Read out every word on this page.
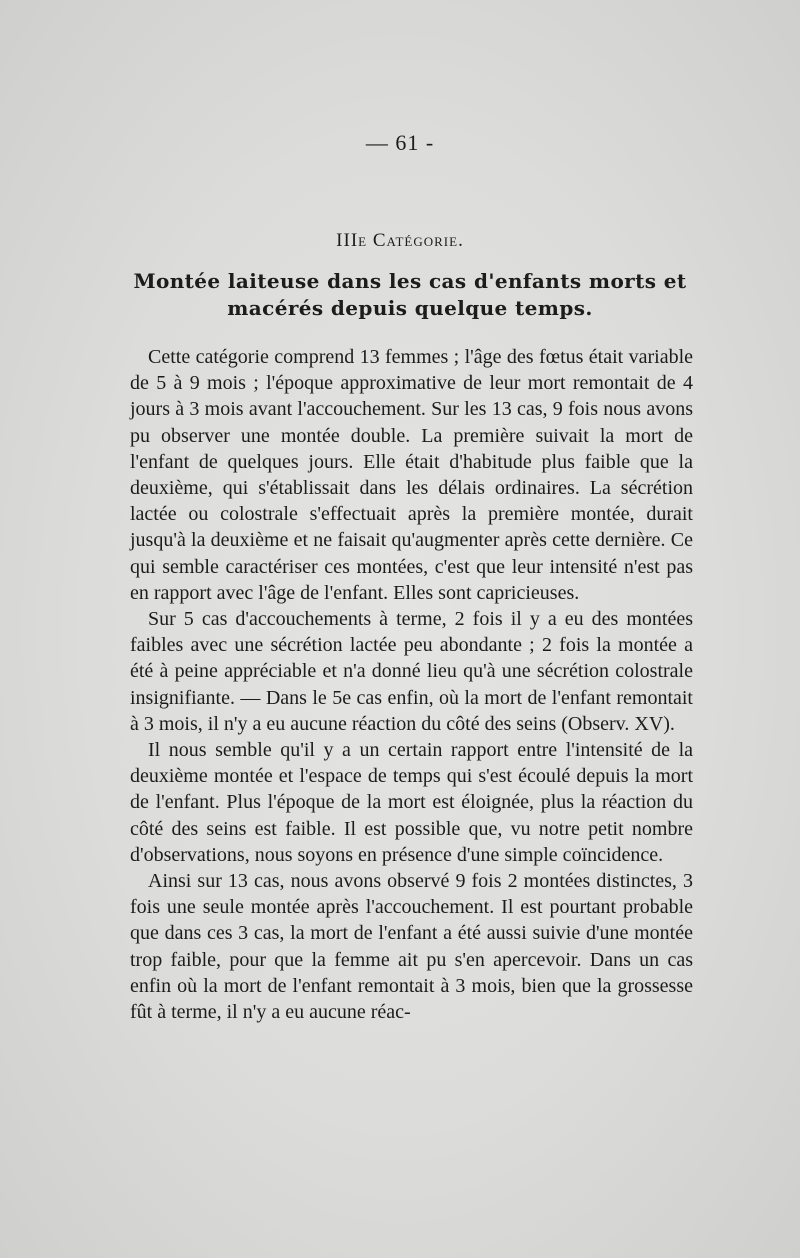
— 61 -
IIIe Catégorie.
Montée laiteuse dans les cas d'enfants morts et macérés depuis quelque temps.

Cette catégorie comprend 13 femmes ; l'âge des fœtus était variable de 5 à 9 mois ; l'époque approximative de leur mort remontait de 4 jours à 3 mois avant l'accouchement. Sur les 13 cas, 9 fois nous avons pu observer une montée double. La première suivait la mort de l'enfant de quelques jours. Elle était d'habitude plus faible que la deuxième, qui s'établissait dans les délais ordinaires. La sécrétion lactée ou colostrale s'effectuait après la première montée, durait jusqu'à la deuxième et ne faisait qu'augmenter après cette dernière. Ce qui semble caractériser ces montées, c'est que leur intensité n'est pas en rapport avec l'âge de l'enfant. Elles sont capricieuses.

Sur 5 cas d'accouchements à terme, 2 fois il y a eu des montées faibles avec une sécrétion lactée peu abondante ; 2 fois la montée a été à peine appréciable et n'a donné lieu qu'à une sécrétion colostrale insignifiante. — Dans le 5e cas enfin, où la mort de l'enfant remontait à 3 mois, il n'y a eu aucune réaction du côté des seins (Observ. XV).

Il nous semble qu'il y a un certain rapport entre l'intensité de la deuxième montée et l'espace de temps qui s'est écoulé depuis la mort de l'enfant. Plus l'époque de la mort est éloignée, plus la réaction du côté des seins est faible. Il est possible que, vu notre petit nombre d'observations, nous soyons en présence d'une simple coïncidence.

Ainsi sur 13 cas, nous avons observé 9 fois 2 montées distinctes, 3 fois une seule montée après l'accouchement. Il est pourtant probable que dans ces 3 cas, la mort de l'enfant a été aussi suivie d'une montée trop faible, pour que la femme ait pu s'en apercevoir. Dans un cas enfin où la mort de l'enfant remontait à 3 mois, bien que la grossesse fût à terme, il n'y a eu aucune réac-
